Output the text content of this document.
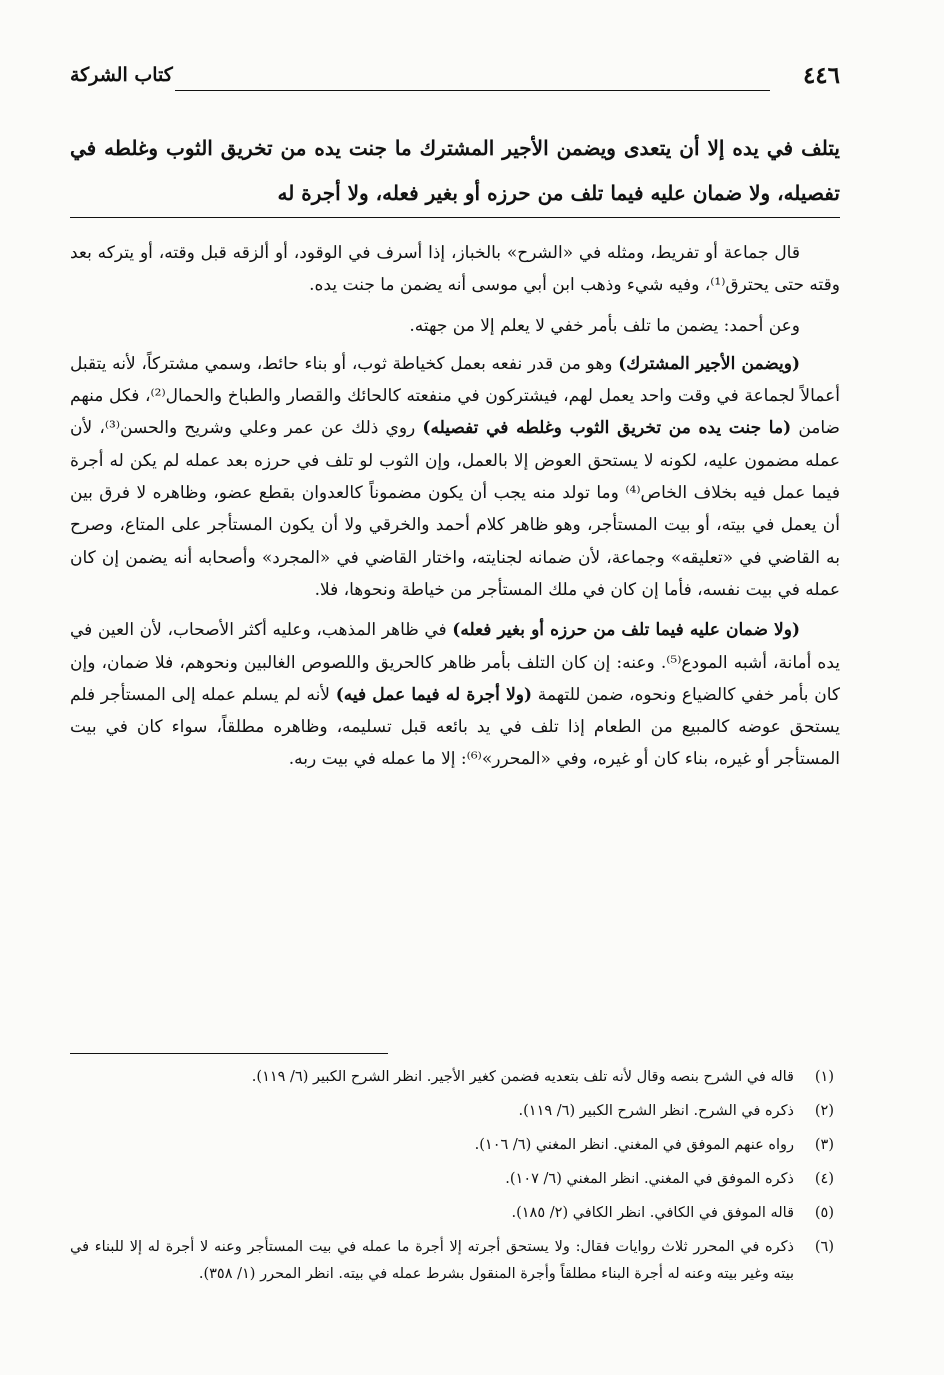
٤٤٦
كتاب الشركة

يتلف في يده إلا أن يتعدى ويضمن الأجير المشترك ما جنت يده من تخريق الثوب وغلطه في تفصيله، ولا ضمان عليه فيما تلف من حرزه أو بغير فعله، ولا أجرة له

قال جماعة أو تفريط، ومثله في «الشرح» بالخباز، إذا أسرف في الوقود، أو ألزقه قبل وقته، أو يتركه بعد وقته حتى يحترق⁽¹⁾، وفيه شيء وذهب ابن أبي موسى أنه يضمن ما جنت يده.

وعن أحمد: يضمن ما تلف بأمر خفي لا يعلم إلا من جهته.

(ويضمن الأجير المشترك) وهو من قدر نفعه بعمل كخياطة ثوب، أو بناء حائط، وسمي مشتركاً، لأنه يتقبل أعمالاً لجماعة في وقت واحد يعمل لهم، فيشتركون في منفعته كالحائك والقصار والطباخ والحمال⁽²⁾، فكل منهم ضامن (ما جنت يده من تخريق الثوب وغلطه في تفصيله) روي ذلك عن عمر وعلي وشريح والحسن⁽³⁾، لأن عمله مضمون عليه، لكونه لا يستحق العوض إلا بالعمل، وإن الثوب لو تلف في حرزه بعد عمله لم يكن له أجرة فيما عمل فيه بخلاف الخاص⁽⁴⁾ وما تولد منه يجب أن يكون مضموناً كالعدوان بقطع عضو، وظاهره لا فرق بين أن يعمل في بيته، أو بيت المستأجر، وهو ظاهر كلام أحمد والخرقي ولا أن يكون المستأجر على المتاع، وصرح به القاضي في «تعليقه» وجماعة، لأن ضمانه لجنايته، واختار القاضي في «المجرد» وأصحابه أنه يضمن إن كان عمله في بيت نفسه، فأما إن كان في ملك المستأجر من خياطة ونحوها، فلا.

(ولا ضمان عليه فيما تلف من حرزه أو بغير فعله) في ظاهر المذهب، وعليه أكثر الأصحاب، لأن العين في يده أمانة، أشبه المودع⁽⁵⁾. وعنه: إن كان التلف بأمر ظاهر كالحريق واللصوص الغالبين ونحوهم، فلا ضمان، وإن كان بأمر خفي كالضياع ونحوه، ضمن للتهمة (ولا أجرة له فيما عمل فيه) لأنه لم يسلم عمله إلى المستأجر فلم يستحق عوضه كالمبيع من الطعام إذا تلف في يد بائعه قبل تسليمه، وظاهره مطلقاً، سواء كان في بيت المستأجر أو غيره، بناء كان أو غيره، وفي «المحرر»⁽⁶⁾: إلا ما عمله في بيت ربه.

(١)
قاله في الشرح بنصه وقال لأنه تلف بتعديه فضمن كغير الأجير. انظر الشرح الكبير (٦/ ١١٩).
(٢)
ذكره في الشرح. انظر الشرح الكبير (٦/ ١١٩).
(٣)
رواه عنهم الموفق في المغني. انظر المغني (٦/ ١٠٦).
(٤)
ذكره الموفق في المغني. انظر المغني (٦/ ١٠٧).
(٥)
قاله الموفق في الكافي. انظر الكافي (٢/ ١٨٥).
(٦)
ذكره في المحرر ثلاث روايات فقال: ولا يستحق أجرته إلا أجرة ما عمله في بيت المستأجر وعنه لا أجرة له إلا للبناء في بيته وغير بيته وعنه له أجرة البناء مطلقاً وأجرة المنقول بشرط عمله في بيته. انظر المحرر (١/ ٣٥٨).
